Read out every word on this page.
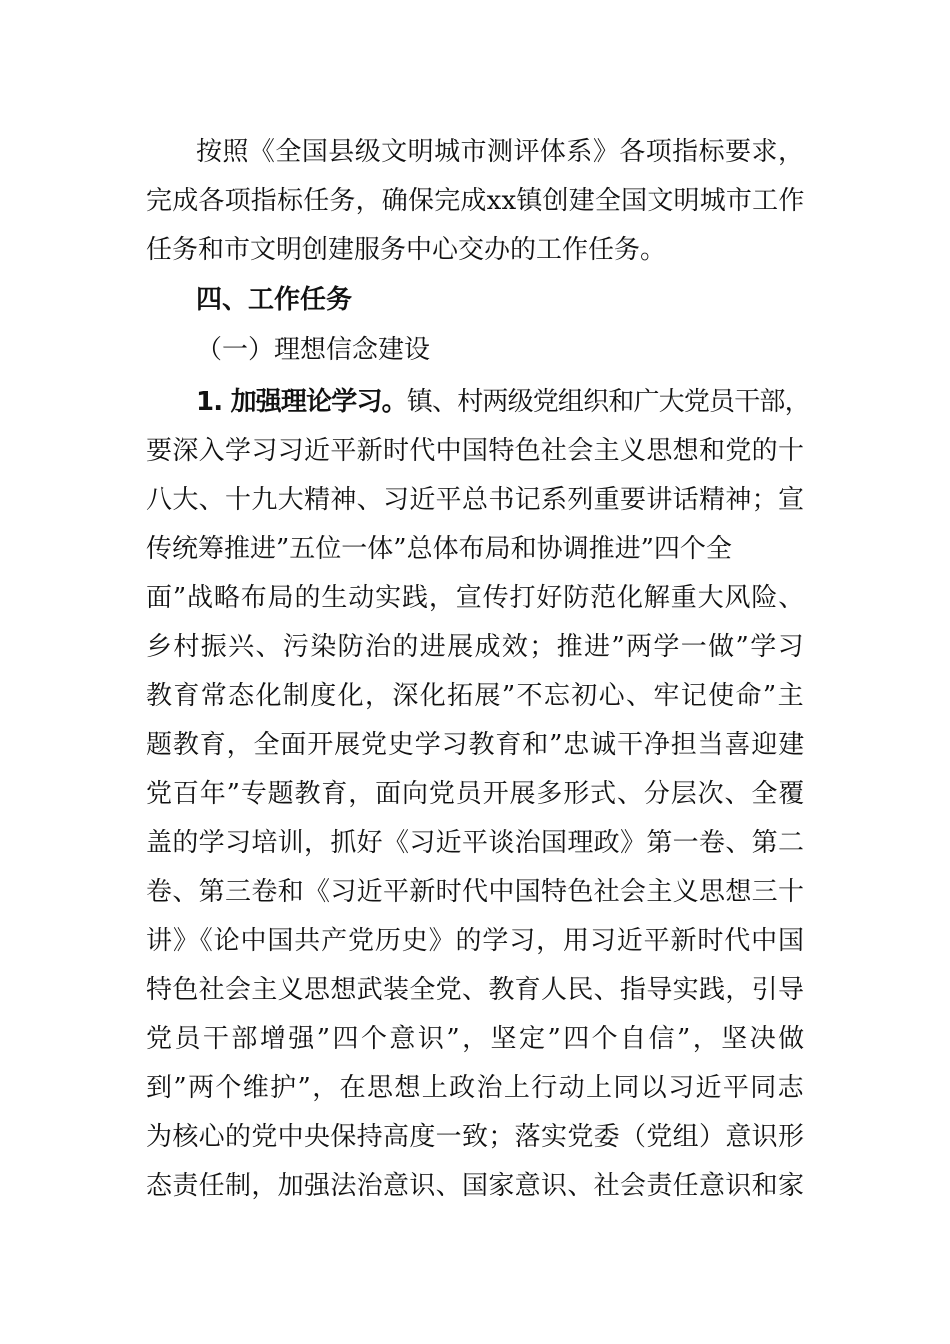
按照《全国县级文明城市测评体系》各项指标要求，
完成各项指标任务，确保完成xx镇创建全国文明城市工作
任务和市文明创建服务中心交办的工作任务。
四、工作任务
（一）理想信念建设
1. 加强理论学习。镇、村两级党组织和广大党员干部，
要深入学习习近平新时代中国特色社会主义思想和党的十
八大、十九大精神、习近平总书记系列重要讲话精神；宣
传统筹推进”五位一体”总体布局和协调推进”四个全
面”战略布局的生动实践，宣传打好防范化解重大风险、
乡村振兴、污染防治的进展成效；推进”两学一做”学习
教育常态化制度化，深化拓展”不忘初心、牢记使命”主
题教育，全面开展党史学习教育和”忠诚干净担当喜迎建
党百年”专题教育，面向党员开展多形式、分层次、全覆
盖的学习培训，抓好《习近平谈治国理政》第一卷、第二
卷、第三卷和《习近平新时代中国特色社会主义思想三十
讲》《论中国共产党历史》的学习，用习近平新时代中国
特色社会主义思想武装全党、教育人民、指导实践，引导
党员干部增强”四个意识”，坚定”四个自信”，坚决做
到”两个维护”，在思想上政治上行动上同以习近平同志
为核心的党中央保持高度一致；落实党委（党组）意识形
态责任制，加强法治意识、国家意识、社会责任意识和家
